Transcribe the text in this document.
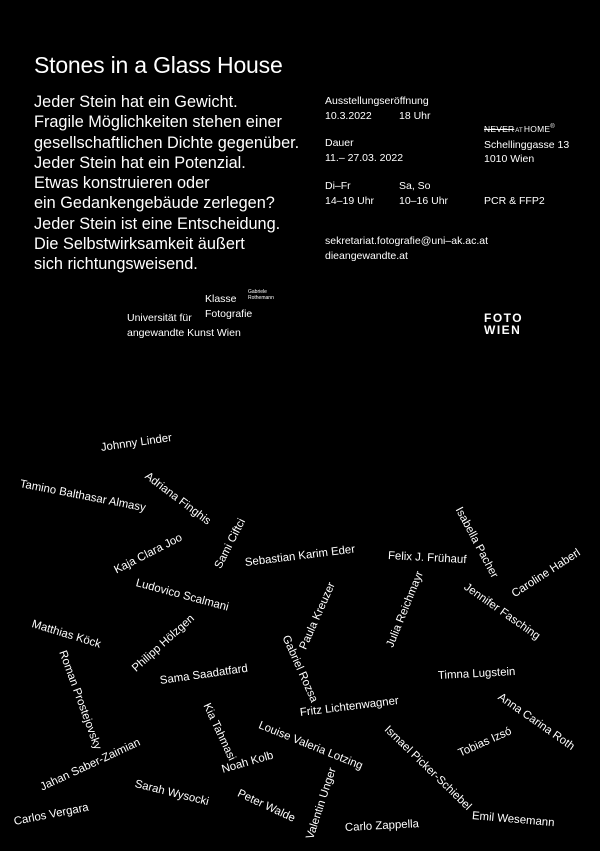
Stones in a Glass House
Jeder Stein hat ein Gewicht.
Fragile Möglichkeiten stehen einer
gesellschaftlichen Dichte gegenüber.
Jeder Stein hat ein Potenzial.
Etwas konstruieren oder
ein Gedankengebäude zerlegen?
Jeder Stein ist eine Entscheidung.
Die Selbstwirksamkeit äußert
sich richtungsweisend.
Ausstellungseröffnung
10.3.2022	18 Uhr
Dauer
11.– 27.03. 2022
Di–Fr
14–19 Uhr
Sa, So
10–16 Uhr
sekretariat.fotografie@uni–ak.ac.at
dieangewandte.at
NEVERATHOME®
Schellinggasse 13
1010 Wien
PCR & FFP2
Klasse
Fotografie
Gabriele
Rothemann
Universität für
angewandte Kunst Wien
FOTO
WIEN
Johnny Linder
Tamino Balthasar Almasy
Adriana Finghis
Kaja Clara Joo Sami Ciftci
Sebastian Karim Eder	Felix J. Frühauf
Isabella Pacher Caroline Haberl
Ludovico Scalmani	Paula Kreuzer	Jennifer Fasching
Julia Reichmayr
Matthias Köck Philipp Hölzgen	Gabriel Rozsa
Roman Prostejovsky	Sama Saadatfard	Timna Lugstein
Anna Carina Roth
Fritz Lichtenwagner
Kia Tahmasi Louise Valeria Lotzing Ismael Picker-Schiebel
Tobias Izsó
Jahan Saber-Zaimian	Noah Kolb
Sarah Wysocki	Valentin Unger
Peter Walde
Carlos Vergara	Carlo Zappella	Emil Wesemann
